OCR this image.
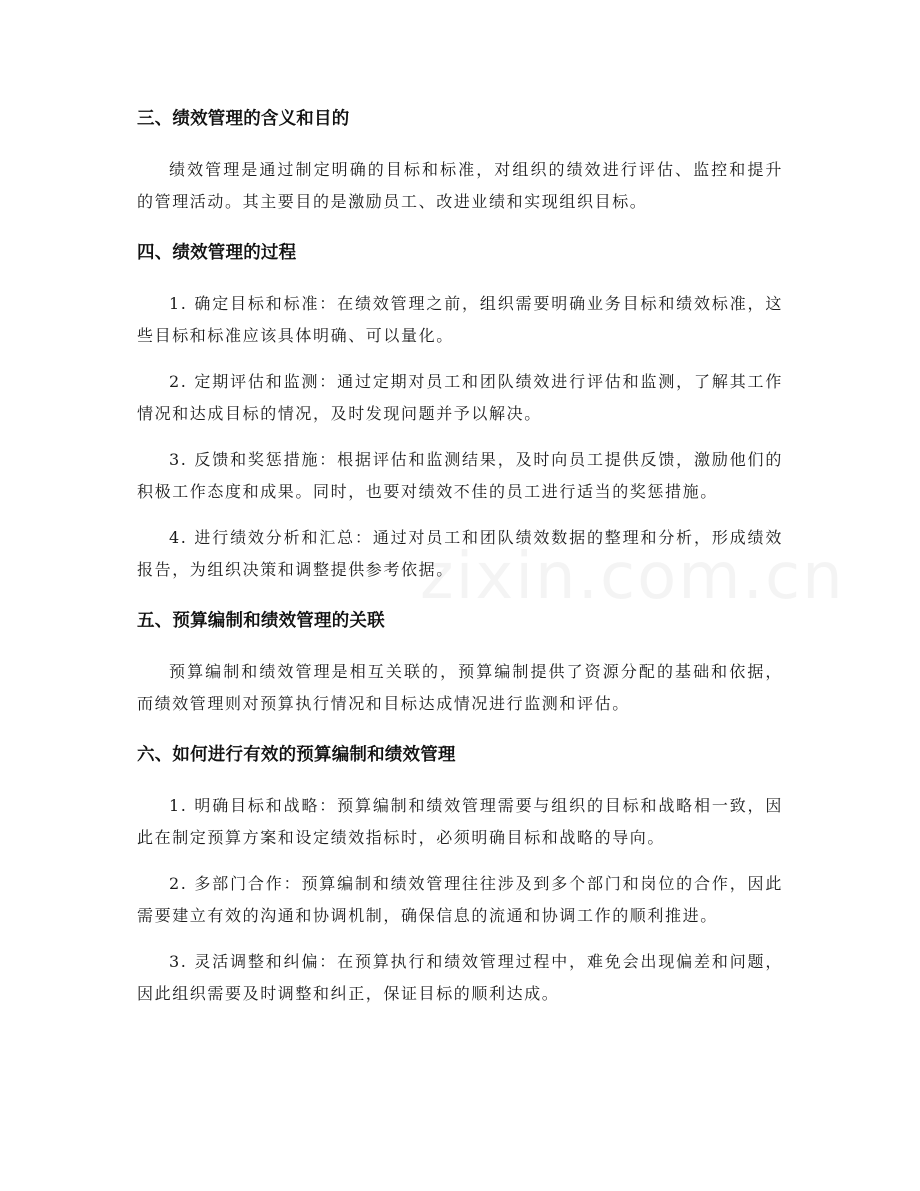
三、绩效管理的含义和目的

绩效管理是通过制定明确的目标和标准，对组织的绩效进行评估、监控和提升的管理活动。其主要目的是激励员工、改进业绩和实现组织目标。

四、绩效管理的过程

1. 确定目标和标准：在绩效管理之前，组织需要明确业务目标和绩效标准，这些目标和标准应该具体明确、可以量化。

2. 定期评估和监测：通过定期对员工和团队绩效进行评估和监测，了解其工作情况和达成目标的情况，及时发现问题并予以解决。

3. 反馈和奖惩措施：根据评估和监测结果，及时向员工提供反馈，激励他们的积极工作态度和成果。同时，也要对绩效不佳的员工进行适当的奖惩措施。

4. 进行绩效分析和汇总：通过对员工和团队绩效数据的整理和分析，形成绩效报告，为组织决策和调整提供参考依据。

五、预算编制和绩效管理的关联

预算编制和绩效管理是相互关联的，预算编制提供了资源分配的基础和依据，而绩效管理则对预算执行情况和目标达成情况进行监测和评估。

六、如何进行有效的预算编制和绩效管理

1. 明确目标和战略：预算编制和绩效管理需要与组织的目标和战略相一致，因此在制定预算方案和设定绩效指标时，必须明确目标和战略的导向。

2. 多部门合作：预算编制和绩效管理往往涉及到多个部门和岗位的合作，因此需要建立有效的沟通和协调机制，确保信息的流通和协调工作的顺利推进。

3. 灵活调整和纠偏：在预算执行和绩效管理过程中，难免会出现偏差和问题，因此组织需要及时调整和纠正，保证目标的顺利达成。
